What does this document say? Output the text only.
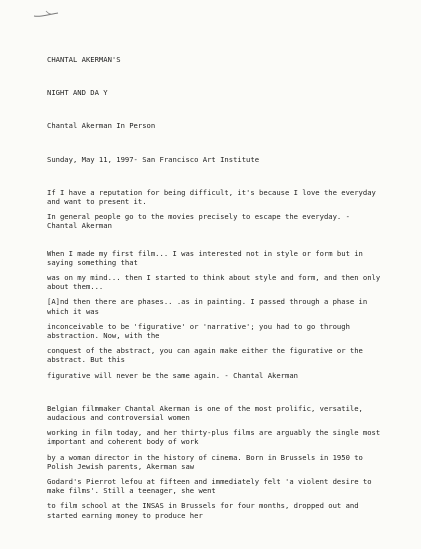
CHANTAL AKERMAN'S

NIGHT AND DA Y

Chantal Akerman In Person

Sunday, May 11, 1997- San Francisco Art Institute

If I have a reputation for being difficult, it's because I love the everyday and want to present it.

In general people go to the movies precisely to escape the everyday. - Chantal Akerman

When I made my first film... I was interested not in style or form but in saying something that

was on my mind... then I started to think about style and form, and then only about them...

[A]nd then there are phases.. .as in painting. I passed through a phase in which it was

inconceivable to be 'figurative' or 'narrative'; you had to go through abstraction. Now, with the

conquest of the abstract, you can again make either the figurative or the abstract. But this

figurative will never be the same again. - Chantal Akerman

Belgian filmmaker Chantal Akerman is one of the most prolific, versatile, audacious and controversial women

working in film today, and her thirty-plus films are arguably the single most important and coherent body of work

by a woman director in the history of cinema. Born in Brussels in 1950 to Polish Jewish parents, Akerman saw

Godard's Pierrot lefou at fifteen and immediately felt 'a violent desire to make films'. Still a teenager, she went

to film school at the INSAS in Brussels for four months, dropped out and started earning money to produce her
